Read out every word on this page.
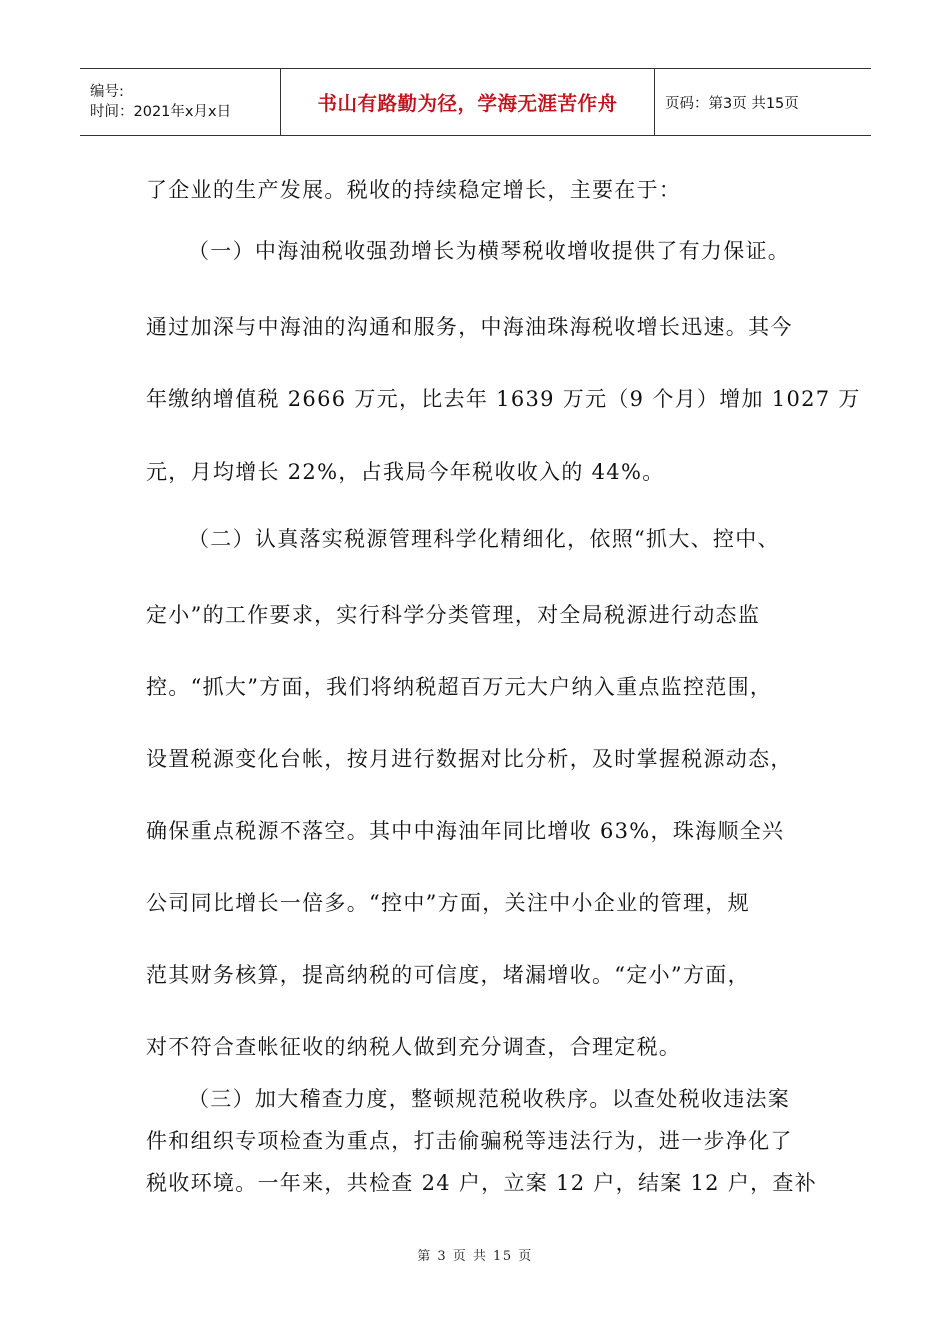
编号:
时间：2021年x月x日	书山有路勤为径，学海无涯苦作舟	页码：第3页 共15页
了企业的生产发展。税收的持续稳定增长，主要在于：
（一）中海油税收强劲增长为横琴税收增收提供了有力保证。
通过加深与中海油的沟通和服务，中海油珠海税收增长迅速。其今
年缴纳增值税 2666 万元，比去年 1639 万元（9 个月）增加 1027 万
元，月均增长 22%，占我局今年税收收入的 44%。
（二）认真落实税源管理科学化精细化，依照“抓大、控中、
定小”的工作要求，实行科学分类管理，对全局税源进行动态监
控。“抓大”方面，我们将纳税超百万元大户纳入重点监控范围，
设置税源变化台帐，按月进行数据对比分析，及时掌握税源动态，
确保重点税源不落空。其中中海油年同比增收 63%，珠海顺全兴
公司同比增长一倍多。“控中”方面，关注中小企业的管理，规
范其财务核算，提高纳税的可信度，堵漏增收。“定小”方面，
对不符合查帐征收的纳税人做到充分调查，合理定税。
（三）加大稽查力度，整顿规范税收秩序。以查处税收违法案
件和组织专项检查为重点，打击偷骗税等违法行为，进一步净化了
税收环境。一年来，共检查 24 户，立案 12 户，结案 12 户，查补
第 3 页 共 15 页
